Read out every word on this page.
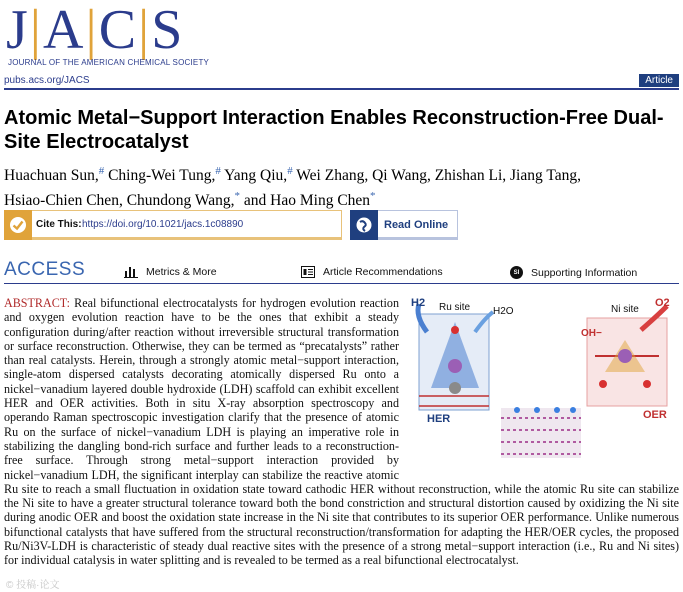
J|A|C|S
JOURNAL OF THE AMERICAN CHEMICAL SOCIETY
pubs.acs.org/JACS	Article
Atomic Metal−Support Interaction Enables Reconstruction-Free Dual-Site Electrocatalyst
Huachuan Sun,# Ching-Wei Tung,# Yang Qiu,# Wei Zhang, Qi Wang, Zhishan Li, Jiang Tang,
Hsiao-Chien Chen, Chundong Wang,* and Hao Ming Chen*
Cite This: https://doi.org/10.1021/jacs.1c08890	Read Online
ACCESS	Metrics & More	Article Recommendations	SI	Supporting Information
H2 Ru site H2O
HER
Ni site
O2
OH−
OER
ABSTRACT: Real bifunctional electrocatalysts for hydrogen evolution reaction and oxygen evolution reaction have to be the ones that exhibit a steady configuration during/after reaction without irreversible structural transformation or surface reconstruction. Otherwise, they can be termed as “precatalysts” rather than real catalysts. Herein, through a strongly atomic metal−support interaction, single-atom dispersed catalysts decorating atomically dispersed Ru onto a nickel−vanadium layered double hydroxide (LDH) scaffold can exhibit excellent HER and OER activities. Both in situ X-ray absorption spectroscopy and operando Raman spectroscopic investigation clarify that the presence of atomic Ru on the surface of nickel−vanadium LDH is playing an imperative role in stabilizing the dangling bond-rich surface and further leads to a reconstruction-free surface. Through strong metal−support interaction provided by nickel−vanadium LDH, the significant interplay can stabilize the reactive atomic Ru site to reach a small fluctuation in oxidation state toward cathodic HER without reconstruction, while the atomic Ru site can stabilize the Ni site to have a greater structural tolerance toward both the bond constriction and structural distortion caused by oxidizing the Ni site during anodic OER and boost the oxidation state increase in the Ni site that contributes to its superior OER performance. Unlike numerous bifunctional catalysts that have suffered from the structural reconstruction/transformation for adapting the HER/OER cycles, the proposed Ru/Ni3V-LDH is characteristic of steady dual reactive sites with the presence of a strong metal−support interaction (i.e., Ru and Ni sites) for individual catalysis in water splitting and is revealed to be termed as a real bifunctional electrocatalyst.
© 投稿·论文
